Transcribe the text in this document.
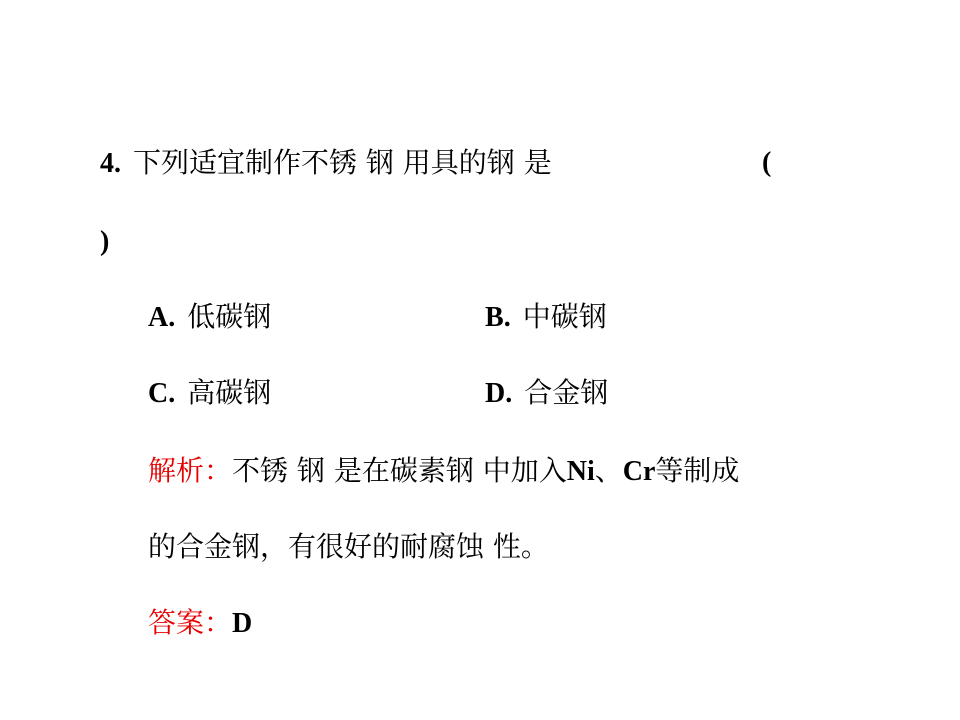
4. 下列适宜制作不锈 钢 用具的钢 是	(
)
A. 低碳钢	B. 中碳钢
C. 高碳钢	D. 合金钢
解析：不锈 钢 是在碳素钢 中加入Ni、Cr等制成
的合金钢，有很好的耐腐蚀 性。
答案：D
